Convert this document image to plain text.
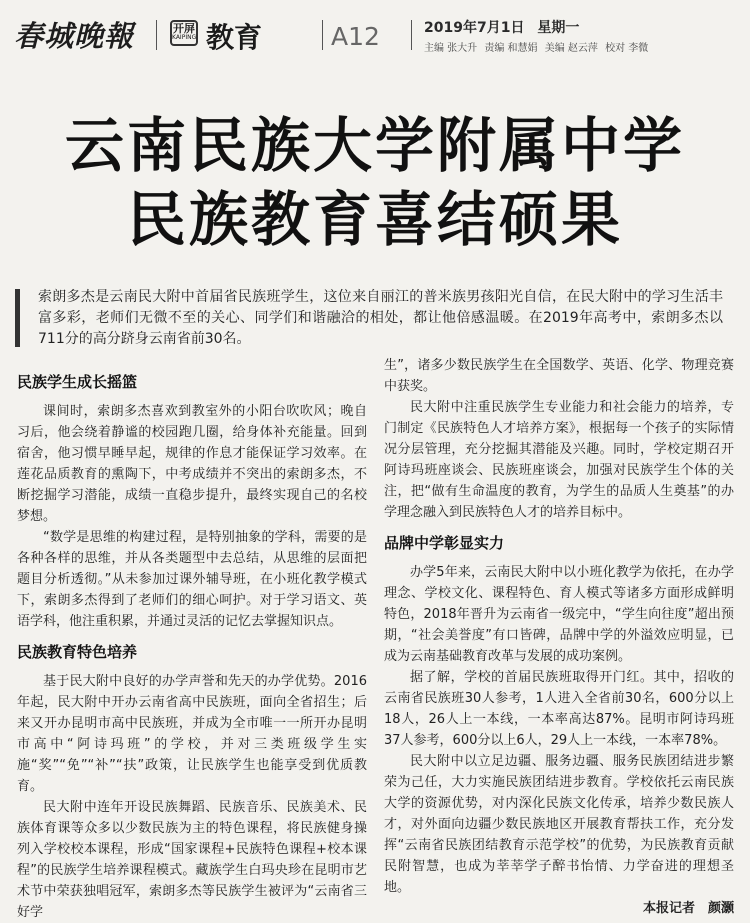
春城晚報	开屏
KAIPING 教育	A12	2019年7月1日 星期一
主编 张大升 责编 和慧娟 美编 赵云萍 校对 李微
云南民族大学附属中学
民族教育喜结硕果
索朗多杰是云南民大附中首届省民族班学生，这位来自丽江的普米族男孩阳光自信，在民大附中的学习生活丰富多彩，老师们无微不至的关心、同学们和谐融洽的相处，都让他倍感温暖。在2019年高考中，索朗多杰以711分的高分跻身云南省前30名。
民族学生成长摇篮

课间时，索朗多杰喜欢到教室外的小阳台吹吹风；晚自习后，他会绕着静谧的校园跑几圈，给身体补充能量。回到宿舍，他习惯早睡早起，规律的作息才能保证学习效率。在莲花品质教育的熏陶下，中考成绩并不突出的索朗多杰，不断挖掘学习潜能，成绩一直稳步提升，最终实现自己的名校梦想。

“数学是思维的构建过程，是特别抽象的学科，需要的是各种各样的思维，并从各类题型中去总结，从思维的层面把题目分析透彻。”从未参加过课外辅导班，在小班化教学模式下，索朗多杰得到了老师们的细心呵护。对于学习语文、英语学科，他注重积累，并通过灵活的记忆去掌握知识点。

民族教育特色培养

基于民大附中良好的办学声誉和先天的办学优势。2016年起，民大附中开办云南省高中民族班，面向全省招生；后来又开办昆明市高中民族班，并成为全市唯一一所开办昆明市高中“阿诗玛班”的学校，并对三类班级学生实施“奖”“免”“补”“扶”政策，让民族学生也能享受到优质教育。

民大附中连年开设民族舞蹈、民族音乐、民族美术、民族体育课等众多以少数民族为主的特色课程，将民族健身操列入学校校本课程，形成“国家课程+民族特色课程+校本课程”的民族学生培养课程模式。藏族学生白玛央珍在昆明市艺术节中荣获独唱冠军，索朗多杰等民族学生被评为“云南省三好学

生”，诸多少数民族学生在全国数学、英语、化学、物理竞赛中获奖。

民大附中注重民族学生专业能力和社会能力的培养，专门制定《民族特色人才培养方案》，根据每一个孩子的实际情况分层管理，充分挖掘其潜能及兴趣。同时，学校定期召开阿诗玛班座谈会、民族班座谈会，加强对民族学生个体的关注，把“做有生命温度的教育，为学生的品质人生奠基”的办学理念融入到民族特色人才的培养目标中。

品牌中学彰显实力

办学5年来，云南民大附中以小班化教学为依托，在办学理念、学校文化、课程特色、育人模式等诸多方面形成鲜明特色，2018年晋升为云南省一级完中，“学生向往度”超出预期，“社会美誉度”有口皆碑，品牌中学的外溢效应明显，已成为云南基础教育改革与发展的成功案例。

据了解，学校的首届民族班取得开门红。其中，招收的云南省民族班30人参考，1人进入全省前30名，600分以上18人，26人上一本线，一本率高达87%。昆明市阿诗玛班37人参考，600分以上6人，29人上一本线，一本率78%。

民大附中以立足边疆、服务边疆、服务民族团结进步繁荣为己任，大力实施民族团结进步教育。学校依托云南民族大学的资源优势，对内深化民族文化传承，培养少数民族人才，对外面向边疆少数民族地区开展教育帮扶工作，充分发挥“云南省民族团结教育示范学校”的优势，为民族教育贡献民附智慧，也成为莘莘学子醉书怡情、力学奋进的理想圣地。

本报记者　颜灏
